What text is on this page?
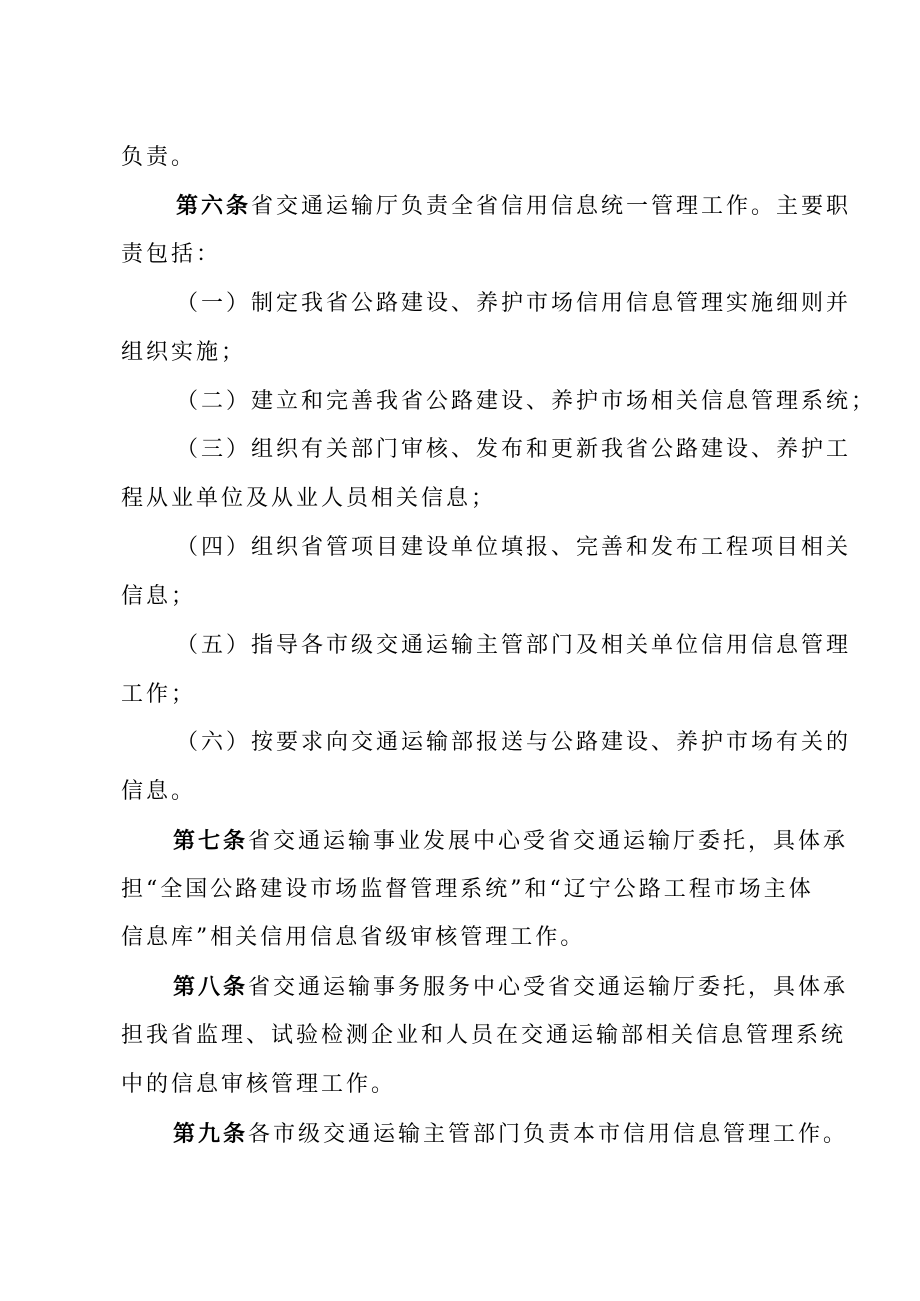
负责。
第六条省交通运输厅负责全省信用信息统一管理工作。主要职
责包括：
（一）制定我省公路建设、养护市场信用信息管理实施细则并
组织实施；
（二）建立和完善我省公路建设、养护市场相关信息管理系统；
（三）组织有关部门审核、发布和更新我省公路建设、养护工
程从业单位及从业人员相关信息；
（四）组织省管项目建设单位填报、完善和发布工程项目相关
信息；
（五）指导各市级交通运输主管部门及相关单位信用信息管理
工作；
（六）按要求向交通运输部报送与公路建设、养护市场有关的
信息。
第七条省交通运输事业发展中心受省交通运输厅委托，具体承
担“全国公路建设市场监督管理系统”和“辽宁公路工程市场主体
信息库”相关信用信息省级审核管理工作。
第八条省交通运输事务服务中心受省交通运输厅委托，具体承
担我省监理、试验检测企业和人员在交通运输部相关信息管理系统
中的信息审核管理工作。
第九条各市级交通运输主管部门负责本市信用信息管理工作。
